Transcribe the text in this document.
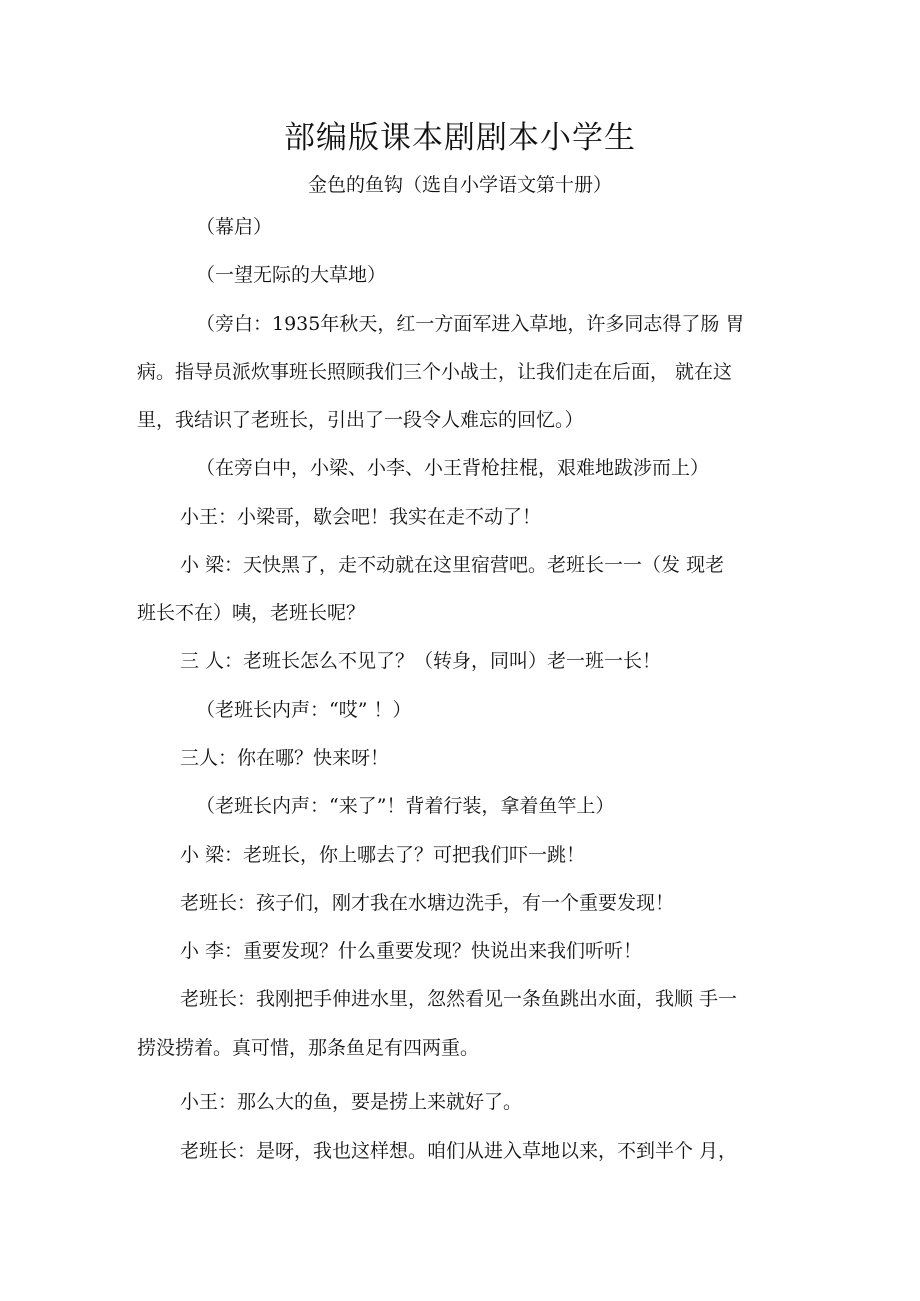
部编版课本剧剧本小学生
金色的鱼钩（选自小学语文第十册）
（幕启）
（一望无际的大草地）
（旁白：1935年秋天，红一方面军进入草地，许多同志得了肠 胃
病。指导员派炊事班长照顾我们三个小战士，让我们走在后面， 就在这
里，我结识了老班长，引出了一段令人难忘的回忆。）
（在旁白中，小梁、小李、小王背枪拄棍，艰难地跋涉而上）
小王：小梁哥，歇会吧！我实在走不动了！
小 梁：天快黑了，走不动就在这里宿营吧。老班长一一（发 现老
班长不在）咦，老班长呢？
三 人：老班长怎么不见了？（转身，同叫）老一班一长！
（老班长内声：“哎” ！）
三人：你在哪？快来呀！
（老班长内声：“来了”！背着行装，拿着鱼竿上）
小 梁：老班长，你上哪去了？可把我们吓一跳！
老班长：孩子们，刚才我在水塘边洗手，有一个重要发现！
小 李：重要发现？什么重要发现？快说出来我们听听！
老班长：我刚把手伸进水里，忽然看见一条鱼跳出水面，我顺 手一
捞没捞着。真可惜，那条鱼足有四两重。
小王：那么大的鱼，要是捞上来就好了。
老班长：是呀，我也这样想。咱们从进入草地以来，不到半个 月，
